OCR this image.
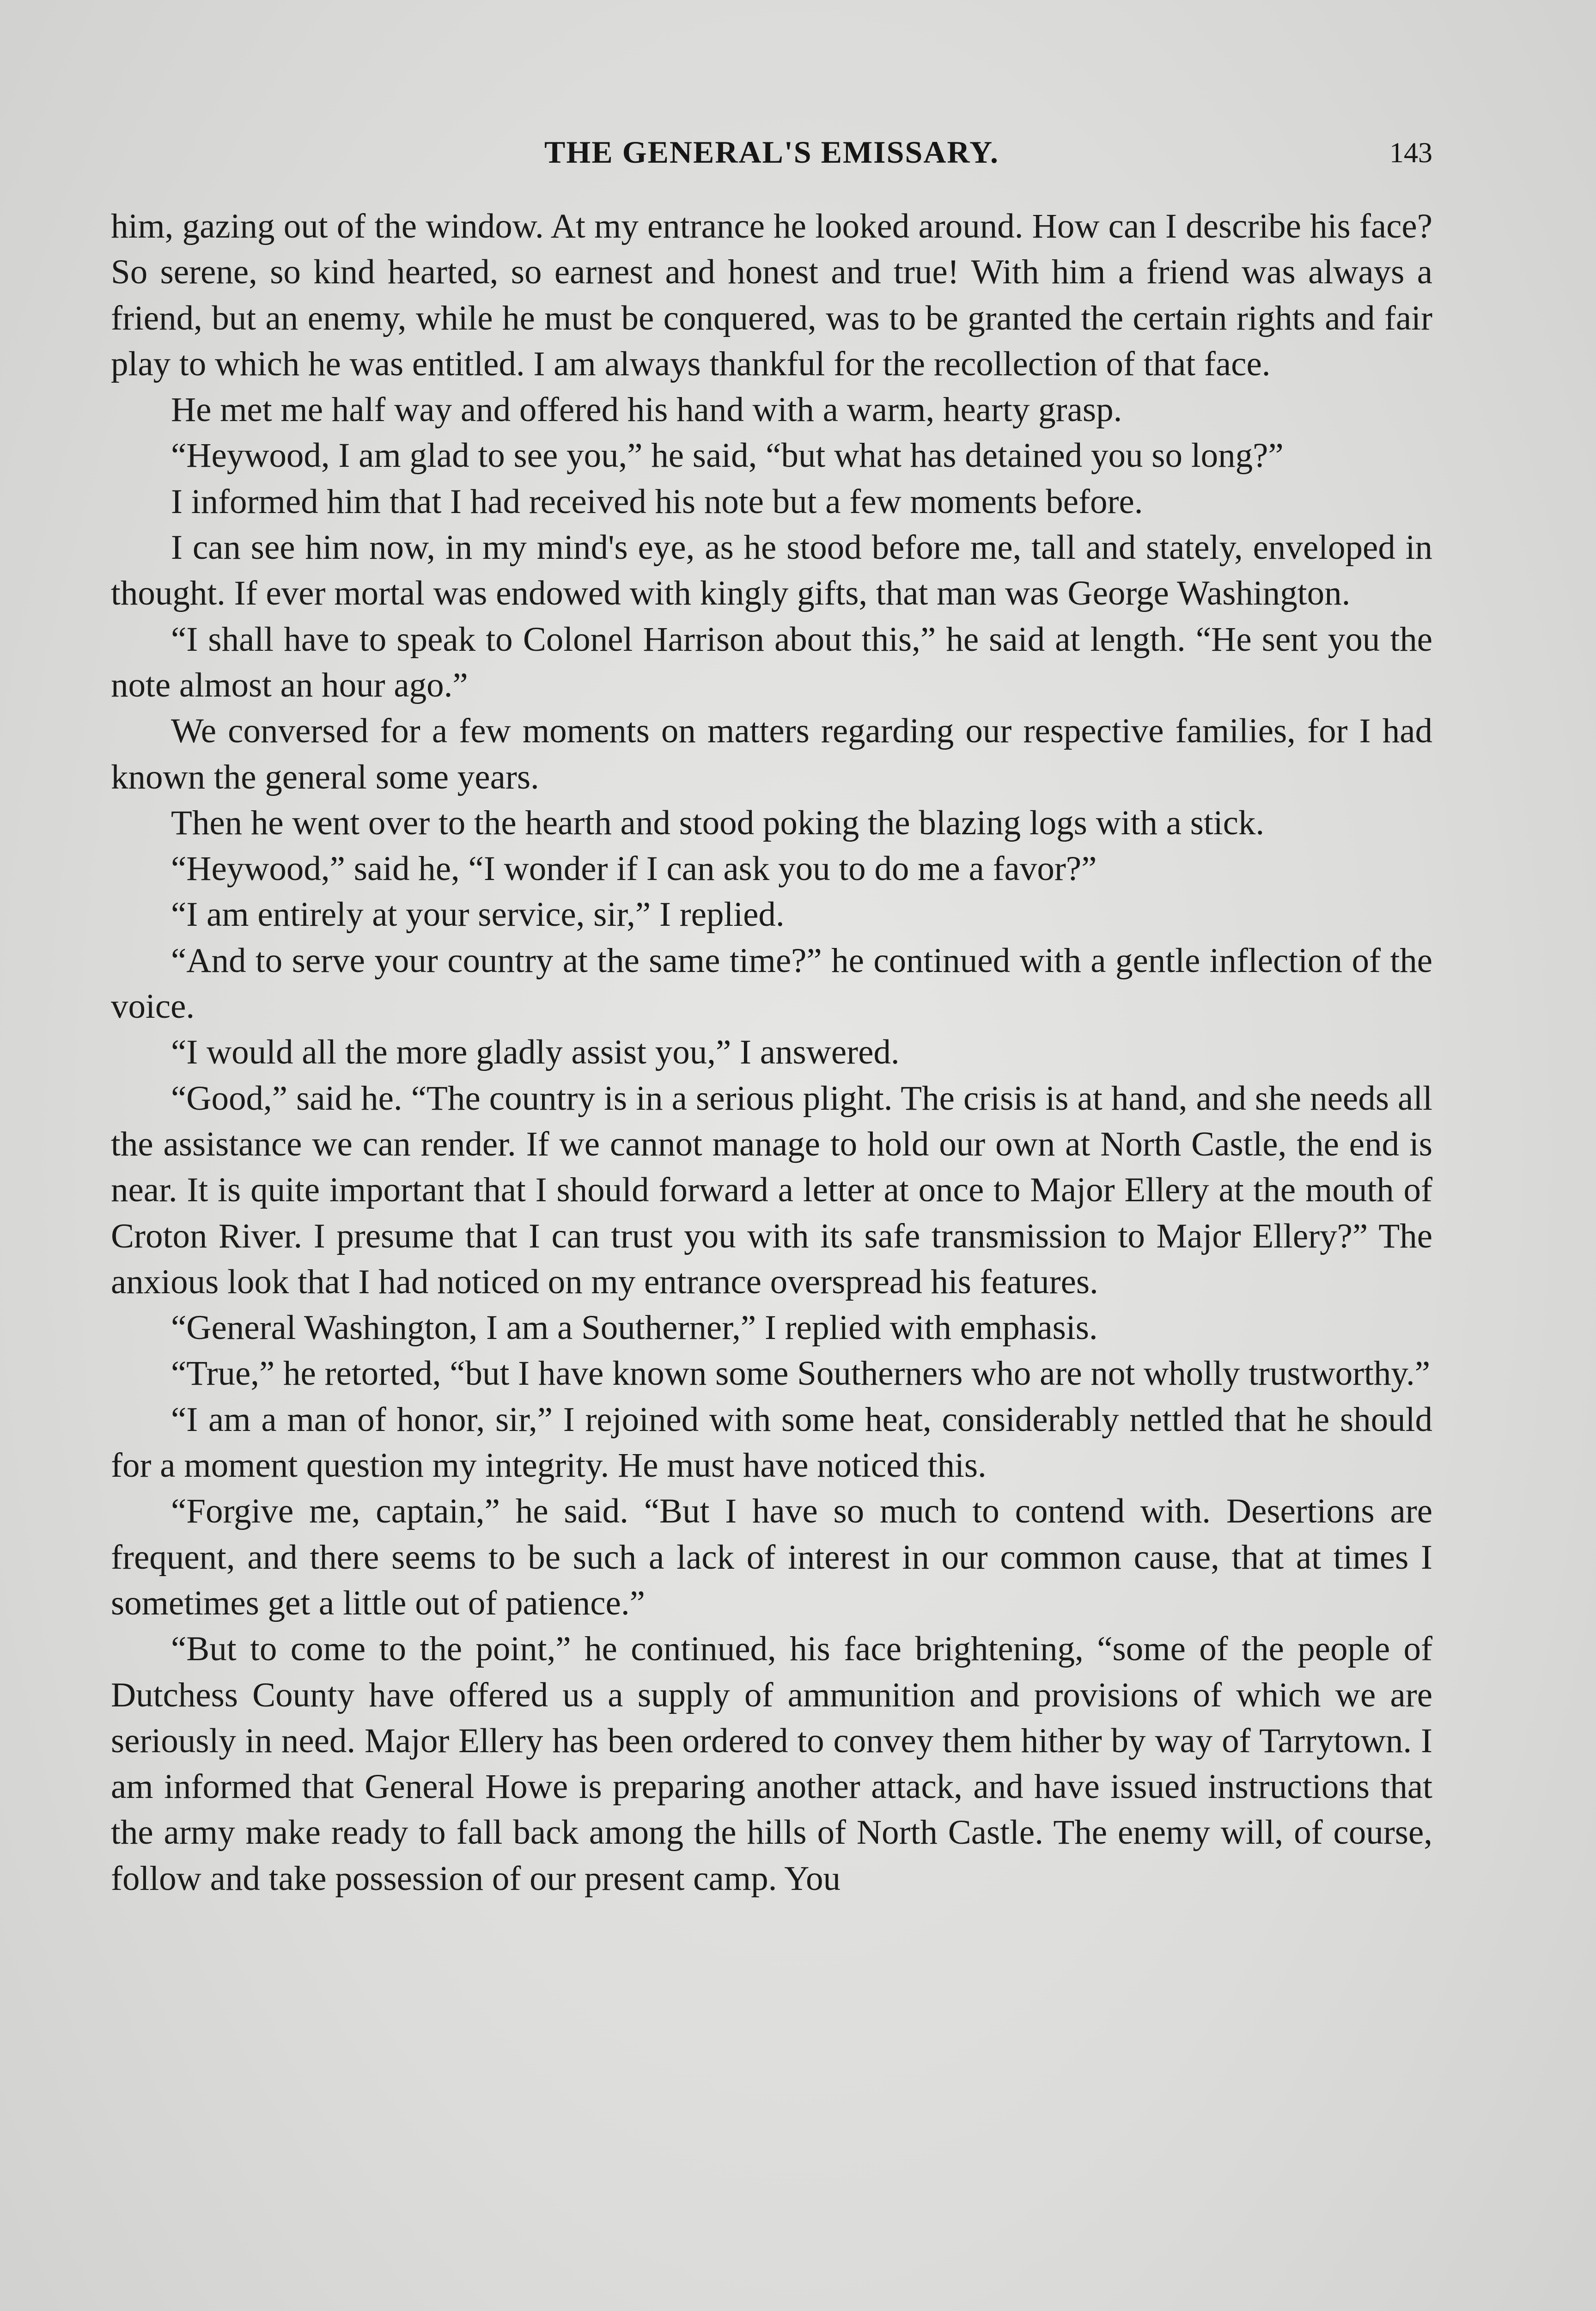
THE GENERAL'S EMISSARY.	143

him, gazing out of the window. At my entrance he looked around. How can I describe his face? So serene, so kind hearted, so earnest and honest and true! With him a friend was always a friend, but an enemy, while he must be conquered, was to be granted the certain rights and fair play to which he was entitled. I am always thankful for the recollection of that face.

He met me half way and offered his hand with a warm, hearty grasp.

“Heywood, I am glad to see you,” he said, “but what has detained you so long?”

I informed him that I had received his note but a few moments before.

I can see him now, in my mind's eye, as he stood before me, tall and stately, enveloped in thought. If ever mortal was endowed with kingly gifts, that man was George Washington.

“I shall have to speak to Colonel Harrison about this,” he said at length. “He sent you the note almost an hour ago.”

We conversed for a few moments on matters regarding our respective families, for I had known the general some years.

Then he went over to the hearth and stood poking the blazing logs with a stick.

“Heywood,” said he, “I wonder if I can ask you to do me a favor?”

“I am entirely at your service, sir,” I replied.

“And to serve your country at the same time?” he continued with a gentle inflection of the voice.

“I would all the more gladly assist you,” I answered.

“Good,” said he. “The country is in a serious plight. The crisis is at hand, and she needs all the assistance we can render. If we cannot manage to hold our own at North Castle, the end is near. It is quite important that I should forward a letter at once to Major Ellery at the mouth of Croton River. I presume that I can trust you with its safe transmission to Major Ellery?” The anxious look that I had noticed on my entrance overspread his features.

“General Washington, I am a Southerner,” I replied with emphasis.

“True,” he retorted, “but I have known some Southerners who are not wholly trustworthy.”

“I am a man of honor, sir,” I rejoined with some heat, considerably nettled that he should for a moment question my integrity. He must have noticed this.

“Forgive me, captain,” he said. “But I have so much to contend with. Desertions are frequent, and there seems to be such a lack of interest in our common cause, that at times I sometimes get a little out of patience.”

“But to come to the point,” he continued, his face brightening, “some of the people of Dutchess County have offered us a supply of ammunition and provisions of which we are seriously in need. Major Ellery has been ordered to convey them hither by way of Tarrytown. I am informed that General Howe is preparing another attack, and have issued instructions that the army make ready to fall back among the hills of North Castle. The enemy will, of course, follow and take possession of our present camp. You
